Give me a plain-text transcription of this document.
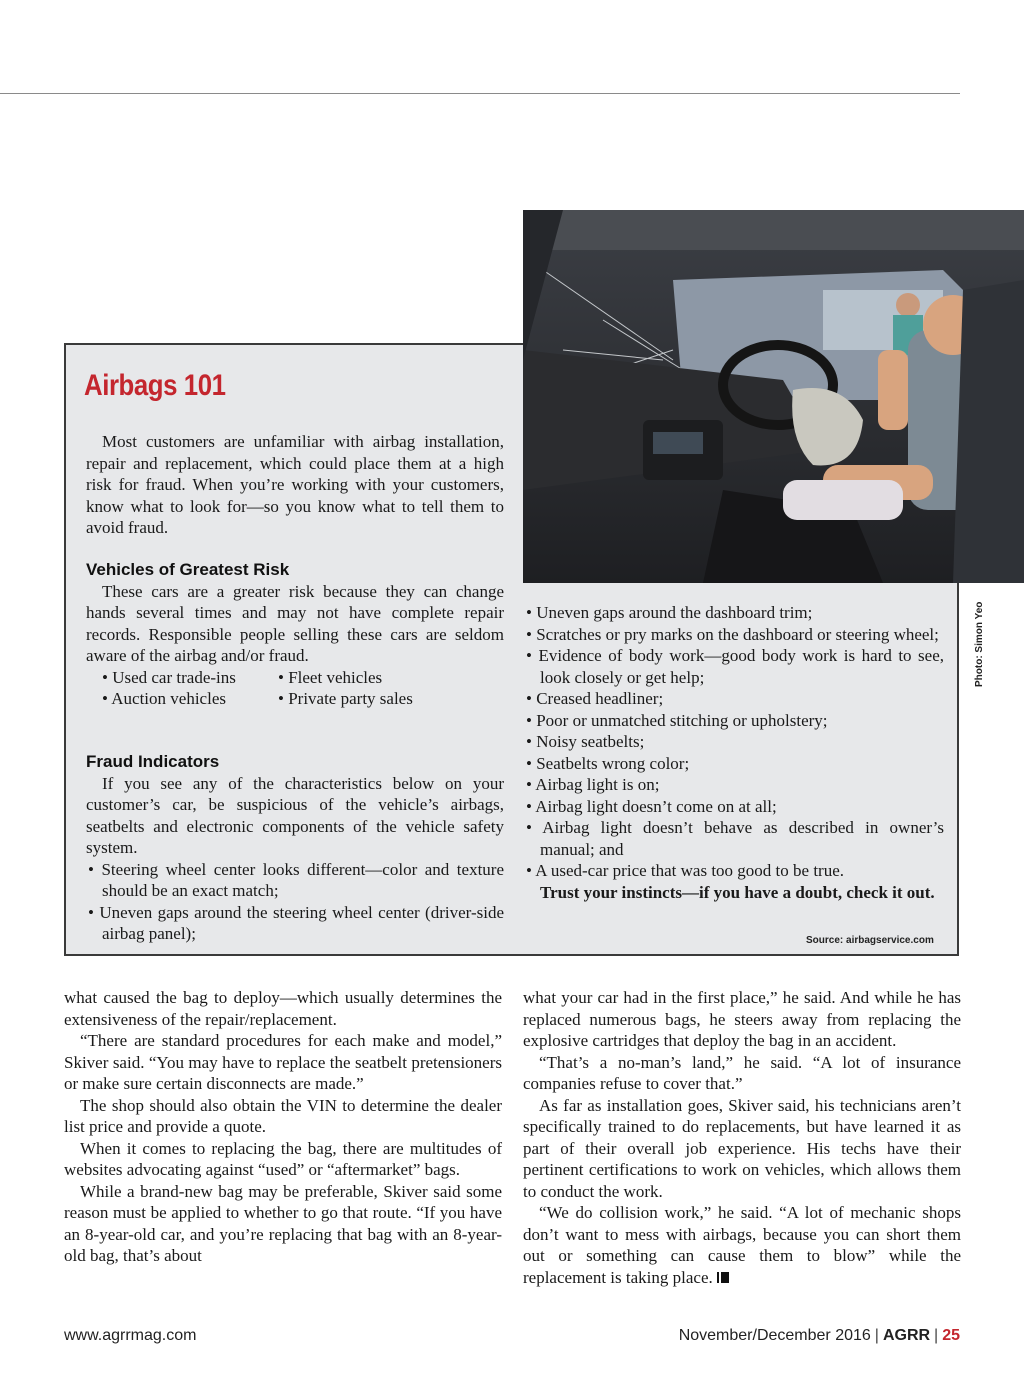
Photo: Simon Yeo
Airbags 101

Most customers are unfamiliar with airbag installation, repair and replacement, which could place them at a high risk for fraud. When you’re working with your customers, know what to look for—so you know what to tell them to avoid fraud.

Vehicles of Greatest Risk

These cars are a greater risk because they can change hands several times and may not have complete repair records. Responsible people selling these cars are seldom aware of the airbag and/or fraud.

• Used car trade-ins	• Fleet vehicles
• Auction vehicles	• Private party sales
Fraud Indicators

If you see any of the characteristics below on your customer’s car, be suspicious of the vehicle’s airbags, seatbelts and electronic components of the vehicle safety system.

• Steering wheel center looks different—color and texture should be an exact match;
• Uneven gaps around the steering wheel center (driver-side airbag panel);
• Uneven gaps around the dashboard trim;
• Scratches or pry marks on the dashboard or steering wheel;
• Evidence of body work—good body work is hard to see, look closely or get help;
• Creased headliner;
• Poor or unmatched stitching or upholstery;
• Noisy seatbelts;
• Seatbelts wrong color;
• Airbag light is on;
• Airbag light doesn’t come on at all;
• Airbag light doesn’t behave as described in owner’s manual; and
• A used-car price that was too good to be true.

Trust your instincts—if you have a doubt, check it out.

Source: airbagservice.com

what caused the bag to deploy—which usually determines the extensiveness of the repair/replacement.

“There are standard procedures for each make and model,” Skiver said. “You may have to replace the seatbelt pretensioners or make sure certain disconnects are made.”

The shop should also obtain the VIN to determine the dealer list price and provide a quote.

When it comes to replacing the bag, there are multitudes of websites advocating against “used” or “aftermarket” bags.

While a brand-new bag may be preferable, Skiver said some reason must be applied to whether to go that route. “If you have an 8-year-old car, and you’re replacing that bag with an 8-year-old bag, that’s about

what your car had in the first place,” he said. And while he has replaced numerous bags, he steers away from replacing the explosive cartridges that deploy the bag in an accident.

“That’s a no-man’s land,” he said. “A lot of insurance companies refuse to cover that.”

As far as installation goes, Skiver said, his technicians aren’t specifically trained to do replacements, but have learned it as part of their overall job experience. His techs have their pertinent certifications to work on vehicles, which allows them to conduct the work.

“We do collision work,” he said. “A lot of mechanic shops don’t want to mess with airbags, because you can short them out or something can cause them to blow” while the replacement is taking place.

www.agrrmag.com	November/December 2016 | AGRR | 25
